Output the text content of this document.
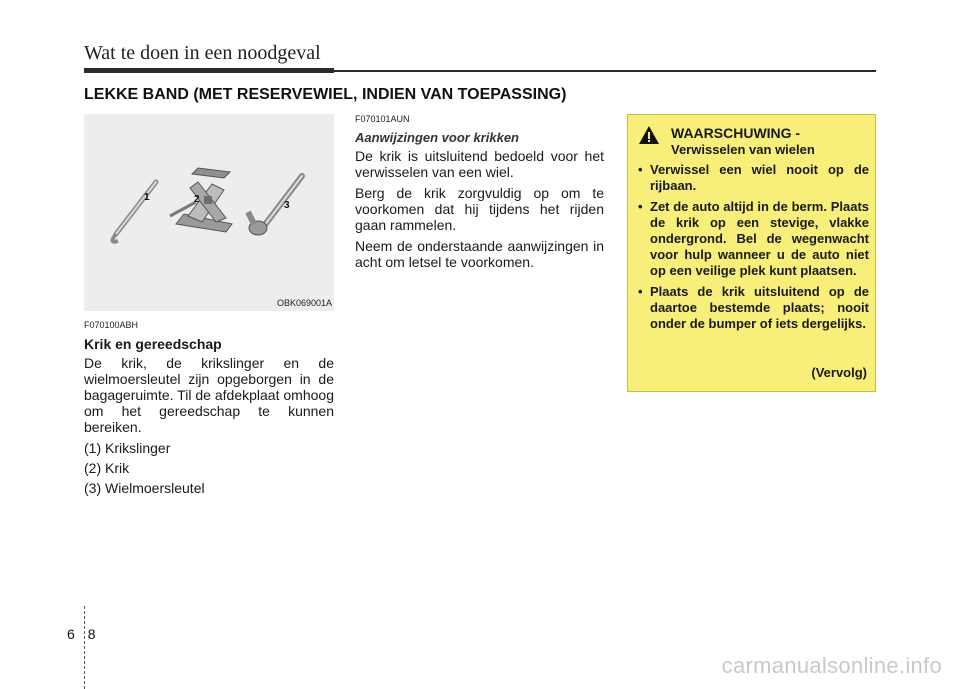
Wat te doen in een noodgeval
LEKKE BAND (MET RESERVEWIEL, INDIEN VAN TOEPASSING)
1	2
3
OBK069001A
F070100ABH
Krik en gereedschap
De krik, de krikslinger en de wielmoersleutel zijn opgeborgen in de bagageruimte. Til de afdekplaat omhoog om het gereedschap te kunnen bereiken.
(1) Krikslinger
(2) Krik
(3) Wielmoersleutel
F070101AUN
Aanwijzingen voor krikken
De krik is uitsluitend bedoeld voor het verwisselen van een wiel.
Berg de krik zorgvuldig op om te voorkomen dat hij tijdens het rijden gaan rammelen.
Neem de onderstaande aanwijzingen in acht om letsel te voorkomen.
WAARSCHUWING -
Verwisselen van wielen
• Verwissel een wiel nooit op de rijbaan.
• Zet de auto altijd in de berm. Plaats de krik op een stevige, vlakke ondergrond. Bel de wegenwacht voor hulp wanneer u de auto niet op een veilige plek kunt plaatsen.
• Plaats de krik uitsluitend op de daartoe bestemde plaats; nooit onder de bumper of iets dergelijks.
(Vervolg)
6 8
carmanualsonline.info
